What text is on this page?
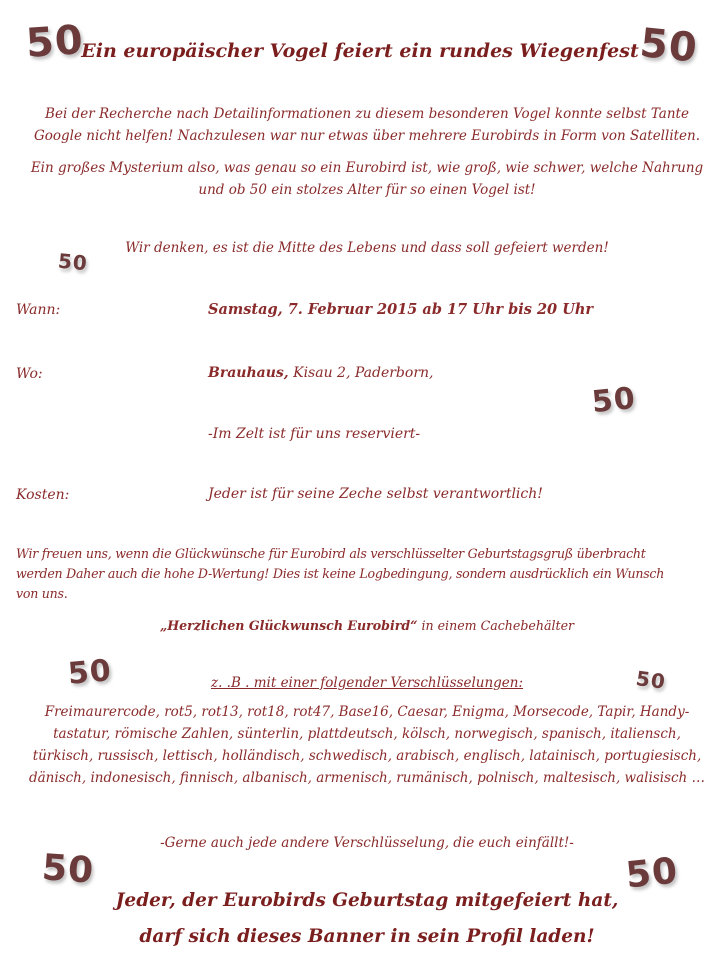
50	50
50
50
50	50
50	50
Ein europäischer Vogel feiert ein rundes Wiegenfest
Bei der Recherche nach Detailinformationen zu diesem besonderen Vogel konnte selbst Tante
Google nicht helfen! Nachzulesen war nur etwas über mehrere Eurobirds in Form von Satelliten.
Ein großes Mysterium also, was genau so ein Eurobird ist, wie groß, wie schwer, welche Nahrung
und ob 50 ein stolzes Alter für so einen Vogel ist!
Wir denken, es ist die Mitte des Lebens und dass soll gefeiert werden!
Wann:	Samstag, 7. Februar 2015 ab 17 Uhr bis 20 Uhr
Wo:	Brauhaus, Kisau 2, Paderborn,
-Im Zelt ist für uns reserviert-
Kosten:	Jeder ist für seine Zeche selbst verantwortlich!
Wir freuen uns, wenn die Glückwünsche für Eurobird als verschlüsselter Geburtstagsgruß überbracht
werden Daher auch die hohe D-Wertung! Dies ist keine Logbedingung, sondern ausdrücklich ein Wunsch
von uns.
„Herzlichen Glückwunsch Eurobird“ in einem Cachebehälter
z. .B . mit einer folgender Verschlüsselungen:
Freimaurercode, rot5, rot13, rot18, rot47, Base16, Caesar, Enigma, Morsecode, Tapir, Handy-
tastatur, römische Zahlen, sünterlin, plattdeutsch, kölsch, norwegisch, spanisch, italiensch,
türkisch, russisch, lettisch, holländisch, schwedisch, arabisch, englisch, latainisch, portugiesisch,
dänisch, indonesisch, finnisch, albanisch, armenisch, rumänisch, polnisch, maltesisch, walisisch …
-Gerne auch jede andere Verschlüsselung, die euch einfällt!-
Jeder, der Eurobirds Geburtstag mitgefeiert hat,
darf sich dieses Banner in sein Profil laden!
